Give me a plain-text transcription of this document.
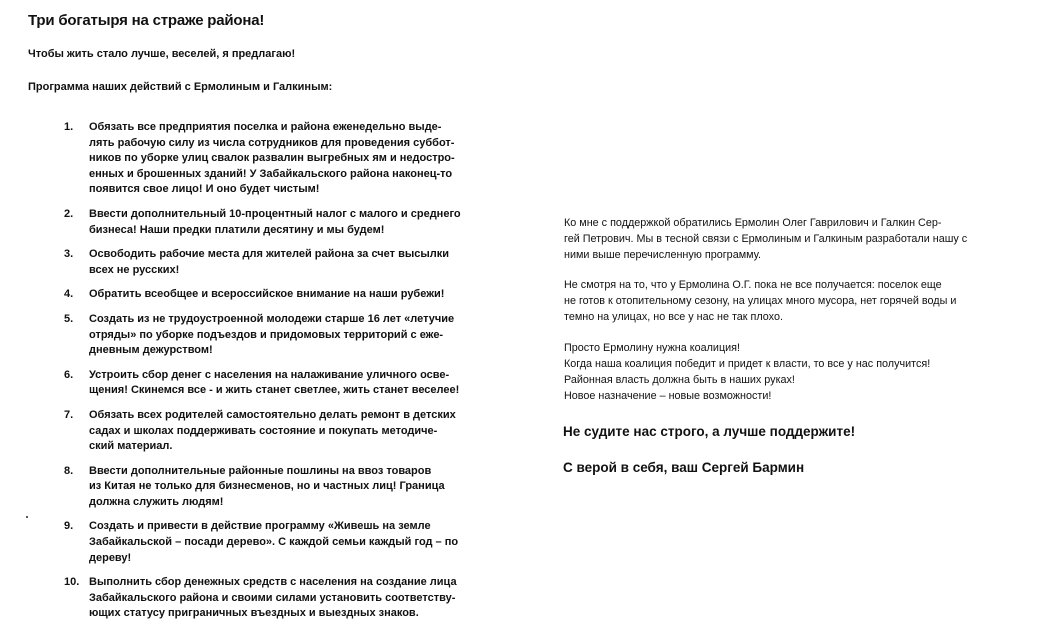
Три богатыря на страже района!
Чтобы жить стало лучше, веселей, я предлагаю!
Программа наших действий с Ермолиным и Галкиным:
1. Обязать все предприятия поселка и района еженедельно выде-
лять рабочую силу из числа сотрудников для проведения суббот-
ников по уборке улиц свалок развалин выгребных ям и недостро-
енных и брошенных зданий! У Забайкальского района наконец-то
появится свое лицо! И оно будет чистым!
2. Ввести дополнительный 10-процентный налог с малого и среднего
бизнеса! Наши предки платили десятину и мы будем!
3. Освободить рабочие места для жителей района за счет высылки
всех не русских!
4. Обратить всеобщее и всероссийское внимание на наши рубежи!
5. Создать из не трудоустроенной молодежи старше 16 лет «летучие
отряды» по уборке подъездов и придомовых территорий с еже-
дневным дежурством!
6. Устроить сбор денег с населения на налаживание уличного осве-
щения! Скинемся все - и жить станет светлее, жить станет веселее!
7. Обязать всех родителей самостоятельно делать ремонт в детских
садах и школах поддерживать состояние и покупать методиче-
ский материал.
8. Ввести дополнительные районные пошлины на ввоз товаров
из Китая не только для бизнесменов, но и частных лиц! Граница
должна служить людям!
9. Создать и привести в действие программу «Живешь на земле
Забайкальской – посади дерево». С каждой семьи каждый год – по
дереву!
10. Выполнить сбор денежных средств с населения на создание лица
Забайкальского района и своими силами установить соответству-
ющих статусу приграничных въездных и выездных знаков.

Ко мне с поддержкой обратились Ермолин Олег Гаврилович и Галкин Сер-
гей Петрович. Мы в тесной связи с Ермолиным и Галкиным разработали нашу с
ними выше перечисленную программу.

Не смотря на то, что у Ермолина О.Г. пока не все получается: поселок еще
не готов к отопительному сезону, на улицах много мусора, нет горячей воды и
темно на улицах, но все у нас не так плохо.

Просто Ермолину нужна коалиция!
Когда наша коалиция победит и придет к власти, то все у нас получится!
Районная власть должна быть в наших руках!
Новое назначение – новые возможности!

Не судите нас строго, а лучше поддержите!
С верой в себя, ваш Сергей Бармин
